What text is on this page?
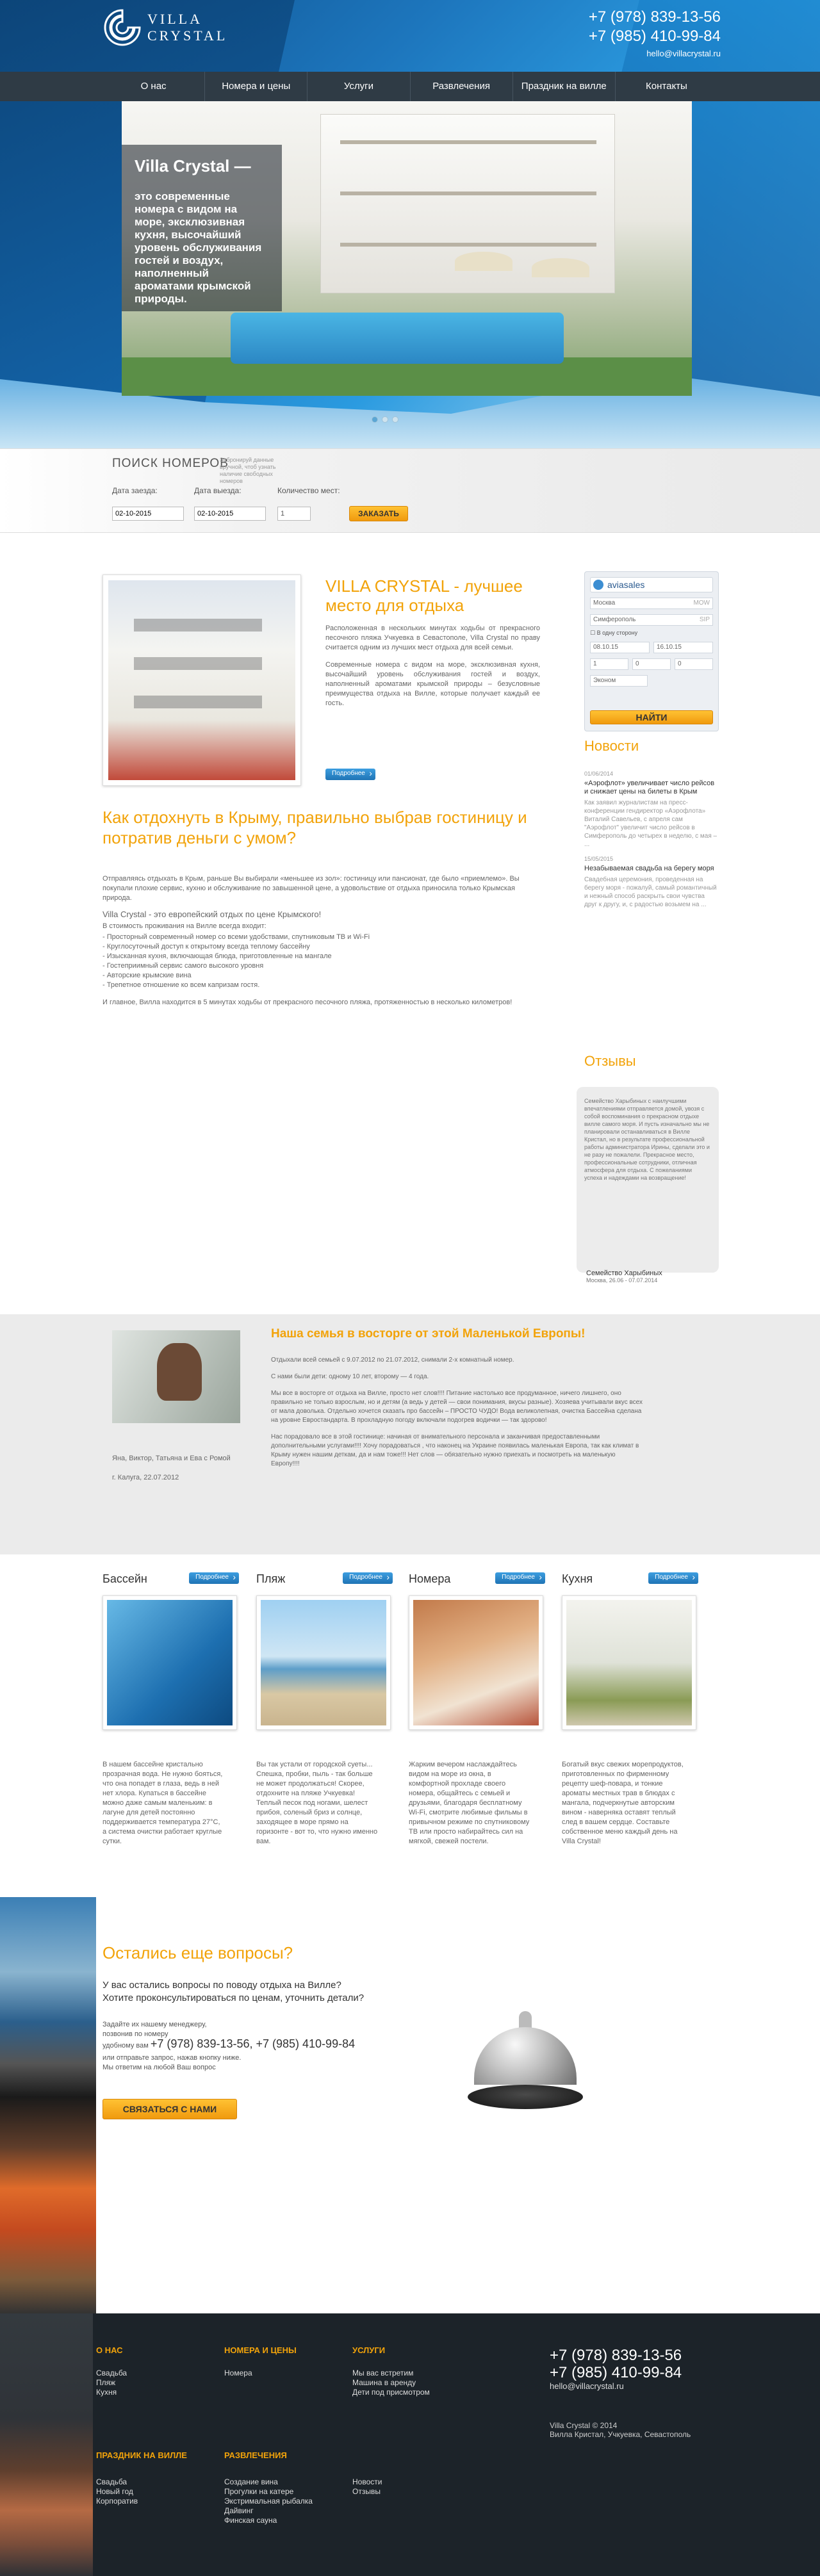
VILLA
CRYSTAL
+7 (978) 839-13-56
+7 (985) 410-99-84
hello@villacrystal.ru
О нас	Номера и цены	Услуги	Развлечения	Праздник на вилле	Контакты
Villa Crystal —

это современные номера с видом на море, эксклюзивная кухня, высочайший уровень обслуживания гостей и воздух, наполненный ароматами крымской природы.

ПОИСК НОМЕРОВ
Забронируй данные вручной, чтоб узнать наличие свободных номеров
Дата заезда:	Дата выезда:	Количество мест:
02-10-2015
02-10-2015
1	ЗАКАЗАТЬ
VILLA CRYSTAL - лучшее место для отдыха

Расположенная в нескольких минутах ходьбы от прекрасного песочного пляжа Учкуевка в Севастополе, Villa Crystal по праву считается одним из лучших мест отдыха для всей семьи.

Современные номера с видом на море, эксклюзивная кухня, высочайший уровень обслуживания гостей и воздух, наполненный ароматами крымской природы – безусловные преимущества отдыха на Вилле, которые получает каждый ее гость.

Подробнее ›
Как отдохнуть в Крыму, правильно выбрав гостиницу и потратив деньги с умом?

Отправляясь отдыхать в Крым, раньше Вы выбирали «меньшее из зол»: гостиницу или пансионат, где было «приемлемо». Вы покупали плохие сервис, кухню и обслуживание по завышенной цене, а удовольствие от отдыха приносила только Крымская природа.

Villa Crystal - это европейский отдых по цене Крымского!

В стоимость проживания на Вилле всегда входит:

- Просторный современный номер со всеми удобствами, спутниковым ТВ и Wi-Fi
- Круглосуточный доступ к открытому всегда теплому бассейну
- Изысканная кухня, включающая блюда, приготовленные на мангале
- Гостеприимный сервис самого высокого уровня
- Авторские крымские вина
- Трепетное отношение ко всем капризам гостя.

И главное, Вилла находится в 5 минутах ходьбы от прекрасного песочного пляжа, протяженностью в несколько километров!

aviasales
Москва	MOW
Симферополь	SIP
☐ В одну сторону
08.10.15	16.10.15
1	0	0
Эконом
НАЙТИ
Новости
01/06/2014
«Аэрофлот» увеличивает число рейсов и снижает цены на билеты в Крым
Как заявил журналистам на пресс-конференции гендиректор «Аэрофлота» Виталий Савельев, с апреля сам "Аэрофлот" увеличит число рейсов в Симферополь до четырех в неделю, с мая – ...
15/05/2015
Незабываемая свадьба на берегу моря
Свадебная церемония, проведенная на берегу моря - пожалуй, самый романтичный и нежный способ раскрыть свои чувства друг к другу, и, с радостью возьмем на ...
Отзывы
Семейство Харыбиных с наилучшими впечатлениями отправляется домой, увозя с собой воспоминания о прекрасном отдыхе вилле самого моря. И пусть изначально мы не планировали останавливаться в Вилле Кристал, но в результате профессиональной работы администратора Ирины, сделали это и не разу не пожалели. Прекрасное место, профессиональные сотрудники, отличная атмосфера для отдыха. С пожеланиями успеха и надеждами на возвращение!
Семейство Харыбиных
Москва, 26.06 - 07.07.2014
Яна, Виктор, Татьяна и Ева с Ромой
г. Калуга, 22.07.2012
Наша семья в восторге от этой Маленькой Европы!

Отдыхали всей семьей с 9.07.2012 по 21.07.2012, снимали 2-х комнатный номер.

С нами были дети: одному 10 лет, второму — 4 года.

Мы все в восторге от отдыха на Вилле, просто нет слов!!!! Питание настолько все продуманное, ничего лишнего, оно правильно не только взрослым, но и детям (а ведь у детей — свои понимания, вкусы разные). Хозяева учитывали вкус всех от мала доволька. Отдельно хочется сказать про бассейн – ПРОСТО ЧУДО! Вода великолепная, очистка Бассейна сделана на уровне Евростандарта. В прохладную погоду включали подогрев водички — так здорово!

Нас порадовало все в этой гостинице: начиная от внимательного персонала и заканчивая предоставленными дополнительными услугами!!!! Хочу порадоваться , что наконец на Украине появилась маленькая Европа, так как климат в Крыму нужен нашим деткам, да и нам тоже!!! Нет слов — обязательно нужно приехать и посмотреть на маленькую Европу!!!!

Бассейн	Подробнее ›
В нашем бассейне кристально прозрачная вода. Не нужно бояться, что она попадет в глаза, ведь в ней нет хлора. Купаться в бассейне можно даже самым маленьким: в лагуне для детей постоянно поддерживается температура 27°С, а система очистки работает круглые сутки.
Пляж	Подробнее ›
Вы так устали от городской суеты... Спешка, пробки, пыль - так больше не может продолжаться! Скорее, отдохните на пляже Учкуевка! Теплый песок под ногами, шелест прибоя, соленый бриз и солнце, заходящее в море прямо на горизонте - вот то, что нужно именно вам.
Номера	Подробнее ›
Жарким вечером наслаждайтесь видом на море из окна, в комфортной прохладе своего номера, общайтесь с семьей и друзьями, благодаря бесплатному Wi-Fi, смотрите любимые фильмы в привычном режиме по спутниковому ТВ или просто набирайтесь сил на мягкой, свежей постели.
Кухня	Подробнее ›
Богатый вкус свежих морепродуктов, приготовленных по фирменному рецепту шеф-повара, и тонкие ароматы местных трав в блюдах с мангала, подчеркнутые авторским вином - наверняка оставят теплый след в вашем сердце. Составьте собственное меню каждый день на Villa Crystal!
Остались еще вопросы?
У вас остались вопросы по поводу отдыха на Вилле?
Хотите проконсультироваться по ценам, уточнить детали?
Задайте их нашему менеджеру,
позвонив по номеру
удобному вам +7 (978) 839-13-56, +7 (985) 410-99-84
или отправьте запрос, нажав кнопку ниже.
Мы ответим на любой Ваш вопрос
СВЯЗАТЬСЯ С НАМИ
О НАС
Свадьба
Пляж
Кухня
НОМЕРА И ЦЕНЫ
Номера
УСЛУГИ
Мы вас встретим
Машина в аренду
Дети под присмотром
ПРАЗДНИК НА ВИЛЛЕ
Свадьба
Новый год
Корпоратив
РАЗВЛЕЧЕНИЯ
Создание вина
Прогулки на катере
Экстримальная рыбалка
Дайвинг
Финская сауна
Новости
Отзывы
+7 (978) 839-13-56
+7 (985) 410-99-84
hello@villacrystal.ru
Villa Crystal © 2014
Вилла Кристал, Учкуевка, Севастополь
